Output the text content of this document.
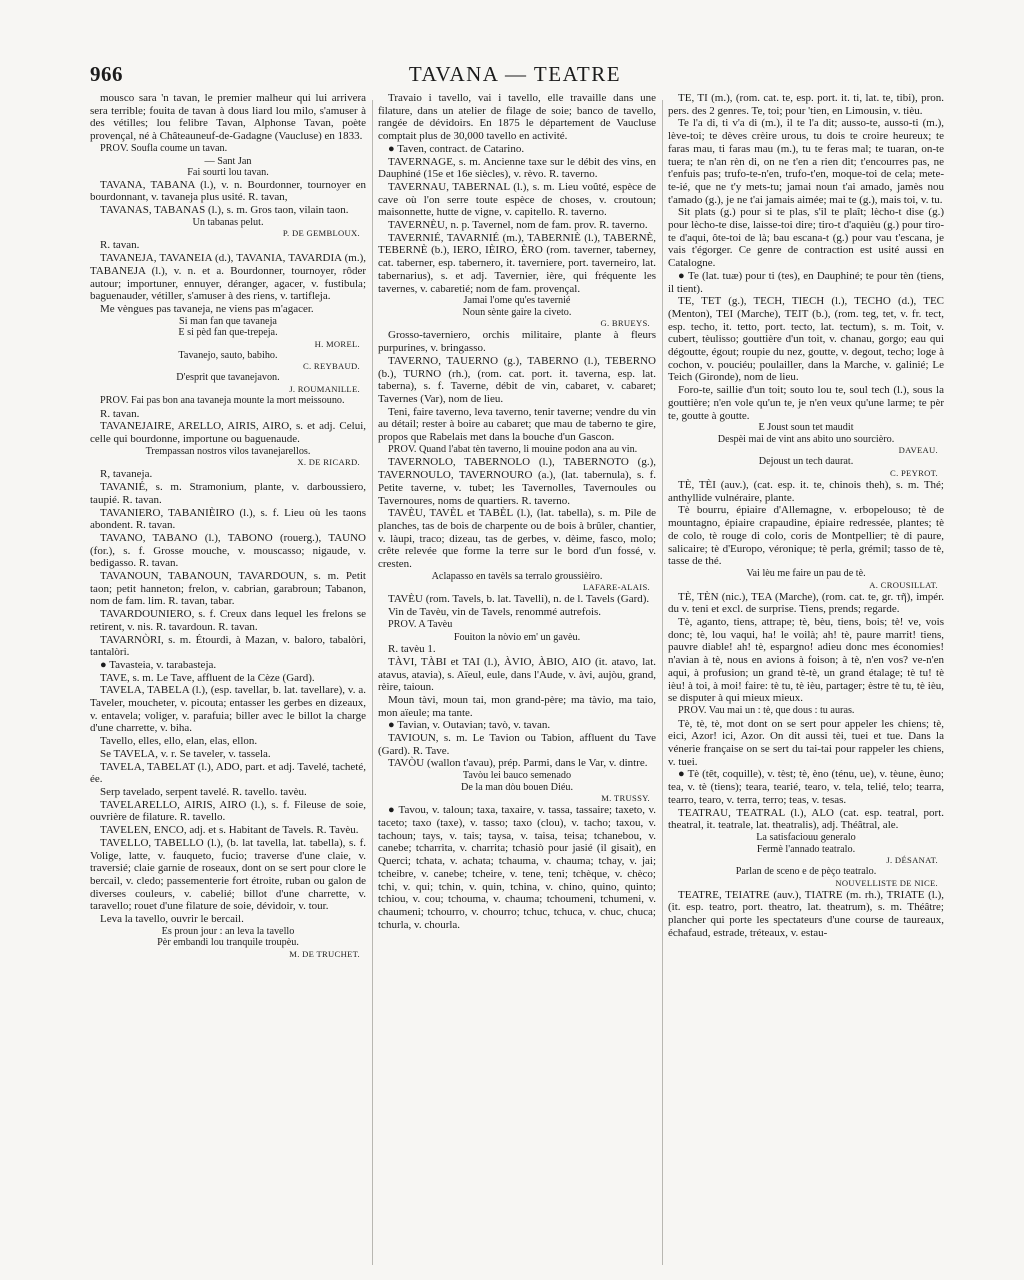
966	TAVANA — TEATRE

mousco sara 'n tavan, le premier malheur qui lui arrivera sera terrible; fouita de tavan à dous liard lou milo, s'amuser à des vétilles; lou felibre Tavan, Alphonse Tavan, poète provençal, né à Châteauneuf-de-Gadagne (Vaucluse) en 1833.

PROV. Soufla coume un tavan.

— Sant Jan

Fai sourti lou tavan.

TAVANA, TABANA (l.), v. n. Bourdonner, tournoyer en bourdonnant, v. tavaneja plus usité. R. tavan,

TAVANAS, TABANAS (l.), s. m. Gros taon, vilain taon.

Un tabanas pelut.

P. DE GEMBLOUX.

R. tavan.

TAVANEJA, TAVANEIA (d.), TAVANIA, TAVARDIA (m.), TABANEJA (l.), v. n. et a. Bourdonner, tournoyer, rôder autour; importuner, ennuyer, déranger, agacer, v. fustibula; baguenauder, vétiller, s'amuser à des riens, v. tartifleja.

Me vèngues pas tavaneja, ne viens pas m'agacer.

Si man fan que tavaneja

E si pèd fan que-trepeja.

H. MOREL.

Tavanejo, sauto, babiho.

C. REYBAUD.

D'esprit que tavanejavon.

J. ROUMANILLE.

PROV. Fai pas bon ana tavaneja mounte la mort meissouno.

R. tavan.

TAVANEJAIRE, ARELLO, AIRIS, AIRO, s. et adj. Celui, celle qui bourdonne, importune ou baguenaude.

Trempassan nostros vilos tavanejarellos.

X. DE RICARD.

R, tavaneja.

TAVANIÉ, s. m. Stramonium, plante, v. darboussiero, taupié. R. tavan.

TAVANIERO, TABANIÈIRO (l.), s. f. Lieu où les taons abondent. R. tavan.

TAVANO, TABANO (l.), TABONO (rouerg.), TAUNO (for.), s. f. Grosse mouche, v. mouscasso; nigaude, v. bedigasso. R. tavan.

TAVANOUN, TABANOUN, TAVARDOUN, s. m. Petit taon; petit hanneton; frelon, v. cabrian, garabroun; Tabanon, nom de fam. lim. R. tavan, tabar.

TAVARDOUNIERO, s. f. Creux dans lequel les frelons se retirent, v. nis. R. tavardoun. R. tavan.

TAVARNÒRI, s. m. Étourdi, à Mazan, v. baloro, tabalòri, tantalòri.

● Tavasteia, v. tarabasteja.

TAVE, s. m. Le Tave, affluent de la Cèze (Gard).

TAVELA, TABELA (l.), (esp. tavellar, b. lat. tavellare), v. a. Taveler, moucheter, v. picouta; entasser les gerbes en dizeaux, v. entavela; voliger, v. parafuia; biller avec le billot la charge d'une charrette, v. biha.

Tavello, elles, ello, elan, elas, ellon.

Se TAVELA, v. r. Se taveler, v. tassela.

TAVELA, TABELAT (l.), ADO, part. et adj. Tavelé, tacheté, ée.

Serp tavelado, serpent tavelé. R. tavello. tavèu.

TAVELARELLO, AIRIS, AIRO (l.), s. f. Fileuse de soie, ouvrière de filature. R. tavello.

TAVELEN, ENCO, adj. et s. Habitant de Tavels. R. Tavèu.

TAVELLO, TABELLO (l.), (b. lat tavella, lat. tabella), s. f. Volige, latte, v. fauqueto, fucio; traverse d'une claie, v. traversié; claie garnie de roseaux, dont on se sert pour clore le bercail, v. cledo; passementerie fort étroite, ruban ou galon de diverses couleurs, v. cabelié; billot d'une charrette, v. taravello; rouet d'une filature de soie, dévidoir, v. tour.

Leva la tavello, ouvrir le bercail.

Es proun jour : an leva la tavello

Pèr embandi lou tranquile troupèu.

M. DE TRUCHET.

Travaio i tavello, vai i tavello, elle travaille dans une filature, dans un atelier de filage de soie; banco de tavello, rangée de dévidoirs. En 1875 le département de Vaucluse comptait plus de 30,000 tavello en activité.

● Taven, contract. de Catarino.

TAVERNAGE, s. m. Ancienne taxe sur le débit des vins, en Dauphiné (15e et 16e siècles), v. rèvo. R. taverno.

TAVERNAU, TABERNAL (l.), s. m. Lieu voûté, espèce de cave où l'on serre toute espèce de choses, v. croutoun; maisonnette, hutte de vigne, v. capitello. R. taverno.

TAVERNÈU, n. p. Tavernel, nom de fam. prov. R. taverno.

TAVERNIÉ, TAVARNIÉ (m.), TABERNIÈ (l.), TABERNÈ, TEBERNÈ (b.), IERO, IÈIRO, ÈRO (rom. taverner, taberney, cat. taberner, esp. tabernero, it. taverniere, port. taverneiro, lat. tabernarius), s. et adj. Tavernier, ière, qui fréquente les tavernes, v. cabaretié; nom de fam. provençal.

Jamai l'ome qu'es tavernié

Noun sènte gaire la civeto.

G. BRUEYS.

Grosso-taverniero, orchis militaire, plante à fleurs purpurines, v. bringasso.

TAVERNO, TAUERNO (g.), TABERNO (l.), TEBERNO (b.), TURNO (rh.), (rom. cat. port. it. taverna, esp. lat. taberna), s. f. Taverne, débit de vin, cabaret, v. cabaret; Tavernes (Var), nom de lieu.

Teni, faire taverno, leva taverno, tenir taverne; vendre du vin au détail; rester à boire au cabaret; que mau de taberno te gire, propos que Rabelais met dans la bouche d'un Gascon.

PROV. Quand l'abat tèn taverno, li mouine podon ana au vin.

TAVERNOLO, TABERNOLO (l.), TABERNOTO (g.), TAVERNOULO, TAVERNOURO (a.), (lat. tabernula), s. f. Petite taverne, v. tubet; les Tavernolles, Tavernoules ou Tavernoures, noms de quartiers. R. taverno.

TAVÈU, TAVÈL et TABÈL (l.), (lat. tabella), s. m. Pile de planches, tas de bois de charpente ou de bois à brûler, chantier, v. làupi, traco; dizeau, tas de gerbes, v. dèime, fasco, molo; crête relevée que forme la terre sur le bord d'un fossé, v. cresten.

Aclapasso en tavèls sa terralo groussièiro.

LAFARE-ALAIS.

TAVÈU (rom. Tavels, b. lat. Tavelli), n. de l. Tavels (Gard).

Vin de Tavèu, vin de Tavels, renommé autrefois.

PROV. A Tavèu

Fouiton la nòvio em' un gavèu.

R. tavèu 1.

TÀVI, TÀBI et TAI (l.), ÀVIO, ÀBIO, AIO (it. atavo, lat. atavus, atavia), s. Aïeul, eule, dans l'Aude, v. àvi, aujòu, grand, rèire, taioun.

Moun tàvi, moun tai, mon grand-père; ma tàvio, ma taio, mon aïeule; ma tante.

● Tavian, v. Outavian; tavò, v. tavan.

TAVIOUN, s. m. Le Tavion ou Tabion, affluent du Tave (Gard). R. Tave.

TAVÒU (wallon t'avau), prép. Parmi, dans le Var, v. dintre.

Tavòu lei bauco semenado

De la man dòu bouen Diéu.

M. TRUSSY.

● Tavou, v. taloun; taxa, taxaire, v. tassa, tassaire; taxeto, v. taceto; taxo (taxe), v. tasso; taxo (clou), v. tacho; taxou, v. tachoun; tays, v. tais; taysa, v. taisa, teisa; tchanebou, v. canebe; tcharrita, v. charrita; tchasiò pour jasié (il gisait), en Querci; tchata, v. achata; tchauma, v. chauma; tchay, v. jai; tcheibre, v. canebe; tcheire, v. tene, teni; tchèque, v. chèco; tchi, v. qui; tchin, v. quin, tchina, v. chino, quino, quinto; tchiou, v. cou; tchouma, v. chauma; tchoumeni, tchumeni, v. chaumeni; tchourro, v. chourro; tchuc, tchuca, v. chuc, chuca; tchurla, v. chourla.

TE, TI (m.), (rom. cat. te, esp. port. it. ti, lat. te, tibi), pron. pers. des 2 genres. Te, toi; pour 'tien, en Limousin, v. tièu.

Te l'a di, ti v'a di (m.), il te l'a dit; ausso-te, ausso-ti (m.), lève-toi; te dèves crèire urous, tu dois te croire heureux; te faras mau, ti faras mau (m.), tu te feras mal; te tuaran, on-te tuera; te n'an rèn di, on ne t'en a rien dit; t'encourres pas, ne t'enfuis pas; trufo-te-n'en, trufo-t'en, moque-toi de cela; mete-te-ié, que ne t'y mets-tu; jamai noun t'ai amado, jamès nou t'amado (g.), je ne t'ai jamais aimée; mai te (g.), mais toi, v. tu.

Sit plats (g.) pour si te plas, s'il te plaît; lècho-t dise (g.) pour lècho-te dise, laisse-toi dire; tiro-t d'aquièu (g.) pour tiro-te d'aqui, ôte-toi de là; bau escana-t (g.) pour vau t'escana, je vais t'égorger. Ce genre de contraction est usité aussi en Catalogne.

● Te (lat. tuæ) pour ti (tes), en Dauphiné; te pour tèn (tiens, il tient).

TE, TET (g.), TECH, TIECH (l.), TECHO (d.), TEC (Menton), TEI (Marche), TEIT (b.), (rom. teg, tet, v. fr. tect, esp. techo, it. tetto, port. tecto, lat. tectum), s. m. Toit, v. cubert, tèulisso; gouttière d'un toit, v. chanau, gorgo; eau qui dégoutte, égout; roupie du nez, goutte, v. degout, techo; loge à cochon, v. pouciéu; poulailler, dans la Marche, v. galinié; Le Teich (Gironde), nom de lieu.

Foro-te, saillie d'un toit; souto lou te, soul tech (l.), sous la gouttière; n'en vole qu'un te, je n'en veux qu'une larme; te pèr te, goutte à goutte.

E Joust soun tet maudit

Despèi mai de vint ans abito uno sourcièro.

DAVEAU.

Dejoust un tech daurat.

C. PEYROT.

TÈ, TÈI (auv.), (cat. esp. it. te, chinois theh), s. m. Thé; anthyllide vulnéraire, plante.

Tè bourru, épiaire d'Allemagne, v. erbopelouso; tè de mountagno, épiaire crapaudine, épiaire redressée, plantes; tè de colo, tè rouge di colo, coris de Montpellier; tè di paure, salicaire; tè d'Europo, véronique; tè perla, grémil; tasso de tè, tasse de thé.

Vai lèu me faire un pau de tè.

A. CROUSILLAT.

TÈ, TÈN (nic.), TEA (Marche), (rom. cat. te, gr. τῆ), impér. du v. teni et excl. de surprise. Tiens, prends; regarde.

Tè, aganto, tiens, attrape; tè, bèu, tiens, bois; tè! ve, vois donc; tè, lou vaqui, ha! le voilà; ah! tè, paure marrit! tiens, pauvre diable! ah! tè, espargno! adieu donc mes économies! n'avian à tè, nous en avions à foison; à tè, n'en vos? ve-n'en aqui, à profusion; un grand tè-tè, un grand étalage; tè tu! tè ièu! à toi, à moi! faire: tè tu, tè ièu, partager; èstre tè tu, tè ièu, se disputer à qui mieux mieux.

PROV. Vau mai un : tè, que dous : tu auras.

Tè, tè, tè, mot dont on se sert pour appeler les chiens; tè, eici, Azor! ici, Azor. On dit aussi tèi, tuei et tue. Dans la vénerie française on se sert du tai-tai pour rappeler les chiens, v. tuei.

● Tè (têt, coquille), v. tèst; tè, èno (ténu, ue), v. tèune, èuno; tea, v. tè (tiens); teara, tearié, tearo, v. tela, telié, telo; tearra, tearro, tearo, v. terra, terro; teas, v. tesas.

TEATRAU, TEATRAL (l.), ALO (cat. esp. teatral, port. theatral, it. teatrale, lat. theatralis), adj. Théâtral, ale.

La satisfaciouu generalo

Fermè l'annado teatralo.

J. DÉSANAT.

Parlan de sceno e de pèço teatralo.

NOUVELLISTE DE NICE.

TEATRE, TEIATRE (auv.), TIATRE (m. rh.), TRIATE (l.), (it. esp. teatro, port. theatro, lat. theatrum), s. m. Théâtre; plancher qui porte les spectateurs d'une course de taureaux, échafaud, estrade, tréteaux, v. estau-
